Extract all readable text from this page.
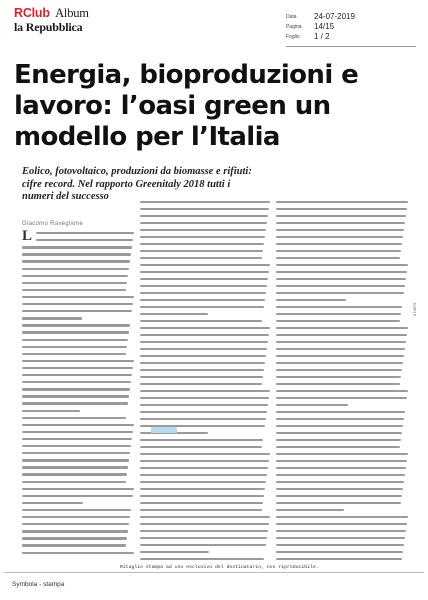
RClub Album
la Repubblica
Data 24-07-2019
Pagina 14/15
Foglio 1 / 2
Energia, bioproduzioni e lavoro: l’oasi green un modello per l’Italia
Eolico, fotovoltaico, produzioni da biomasse e rifiuti: cifre record. Nel rapporto Greenitaly 2018 tutti i numeri del successo
Giacomo Raveglione
L
Ritaglio stampa ad uso esclusivo del destinatario, non riproducibile.
Symbola - stampa
074679
